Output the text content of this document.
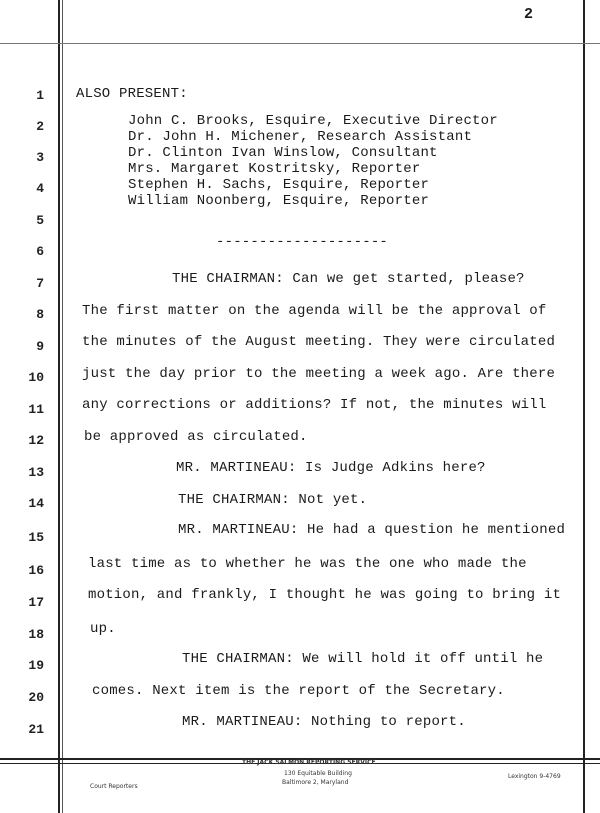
2
1
2
3
4
5
6
7
8
9
10
11
12
13
14
15
16
17
18
19
20
21
ALSO PRESENT:
John C. Brooks, Esquire, Executive Director
Dr. John H. Michener, Research Assistant
Dr. Clinton Ivan Winslow, Consultant
Mrs. Margaret Kostritsky, Reporter
Stephen H. Sachs, Esquire, Reporter
William Noonberg, Esquire, Reporter
--------------------
THE CHAIRMAN: Can we get started, please?
The first matter on the agenda will be the approval of
the minutes of the August meeting. They were circulated
just the day prior to the meeting a week ago. Are there
any corrections or additions? If not, the minutes will
be approved as circulated.
MR. MARTINEAU: Is Judge Adkins here?
THE CHAIRMAN: Not yet.
MR. MARTINEAU: He had a question he mentioned
last time as to whether he was the one who made the
motion, and frankly, I thought he was going to bring it
up.
THE CHAIRMAN: We will hold it off until he
comes. Next item is the report of the Secretary.
MR. MARTINEAU: Nothing to report.
THE JACK SALMON REPORTING SERVICE
130 Equitable Building
Baltimore 2, Maryland
Court Reporters
Lexington 9-4769
